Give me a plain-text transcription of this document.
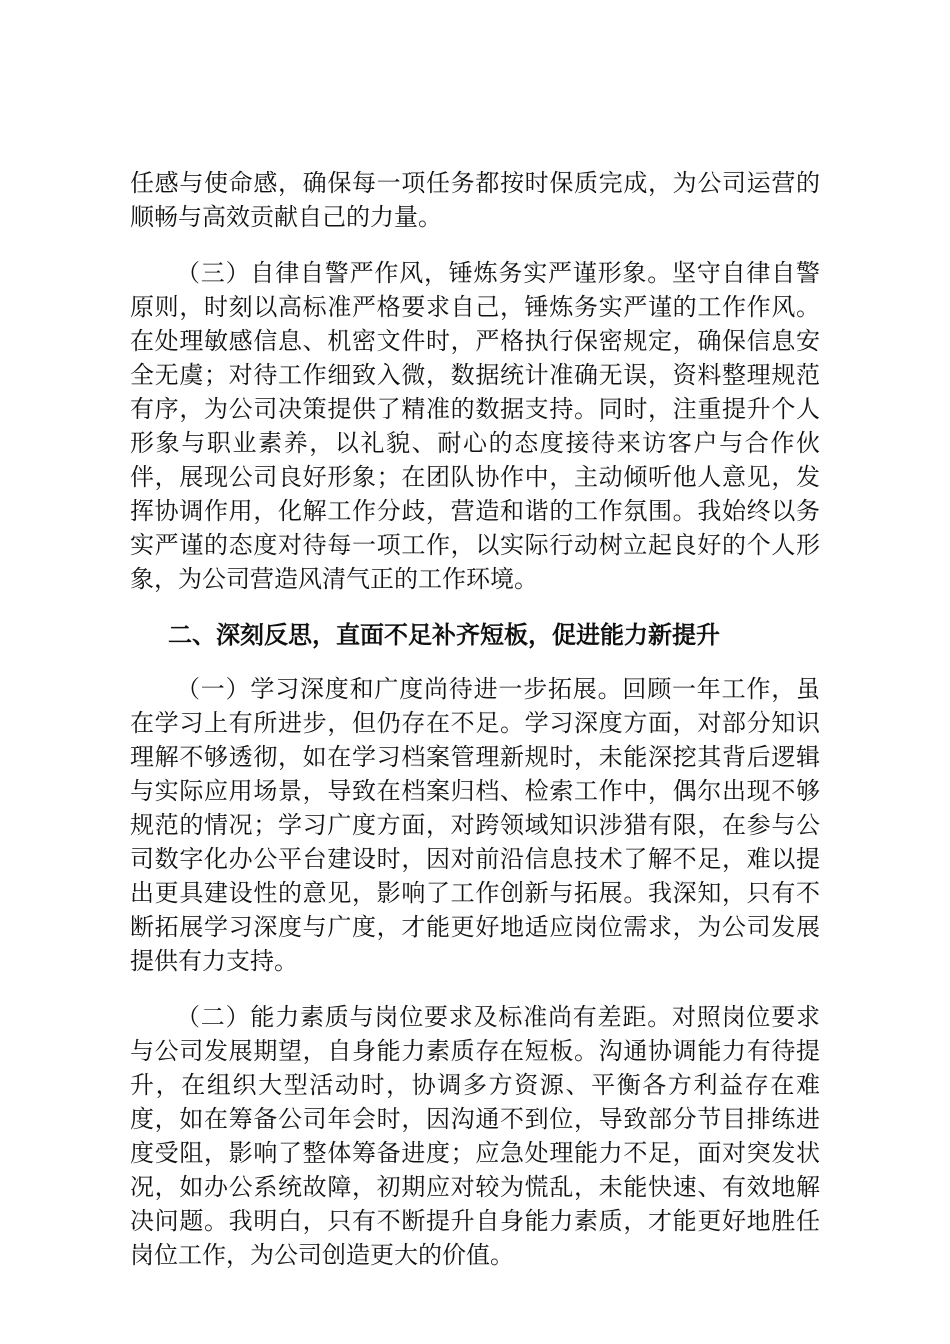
任感与使命感，确保每一项任务都按时保质完成，为公司运营的顺畅与高效贡献自己的力量。

（三）自律自警严作风，锤炼务实严谨形象。坚守自律自警原则，时刻以高标准严格要求自己，锤炼务实严谨的工作作风。在处理敏感信息、机密文件时，严格执行保密规定，确保信息安全无虞；对待工作细致入微，数据统计准确无误，资料整理规范有序，为公司决策提供了精准的数据支持。同时，注重提升个人形象与职业素养，以礼貌、耐心的态度接待来访客户与合作伙伴，展现公司良好形象；在团队协作中，主动倾听他人意见，发挥协调作用，化解工作分歧，营造和谐的工作氛围。我始终以务实严谨的态度对待每一项工作，以实际行动树立起良好的个人形象，为公司营造风清气正的工作环境。

二、深刻反思，直面不足补齐短板，促进能力新提升

（一）学习深度和广度尚待进一步拓展。回顾一年工作，虽在学习上有所进步，但仍存在不足。学习深度方面，对部分知识理解不够透彻，如在学习档案管理新规时，未能深挖其背后逻辑与实际应用场景，导致在档案归档、检索工作中，偶尔出现不够规范的情况；学习广度方面，对跨领域知识涉猎有限，在参与公司数字化办公平台建设时，因对前沿信息技术了解不足，难以提出更具建设性的意见，影响了工作创新与拓展。我深知，只有不断拓展学习深度与广度，才能更好地适应岗位需求，为公司发展提供有力支持。

（二）能力素质与岗位要求及标准尚有差距。对照岗位要求与公司发展期望，自身能力素质存在短板。沟通协调能力有待提升，在组织大型活动时，协调多方资源、平衡各方利益存在难度，如在筹备公司年会时，因沟通不到位，导致部分节目排练进度受阻，影响了整体筹备进度；应急处理能力不足，面对突发状况，如办公系统故障，初期应对较为慌乱，未能快速、有效地解决问题。我明白，只有不断提升自身能力素质，才能更好地胜任岗位工作，为公司创造更大的价值。
